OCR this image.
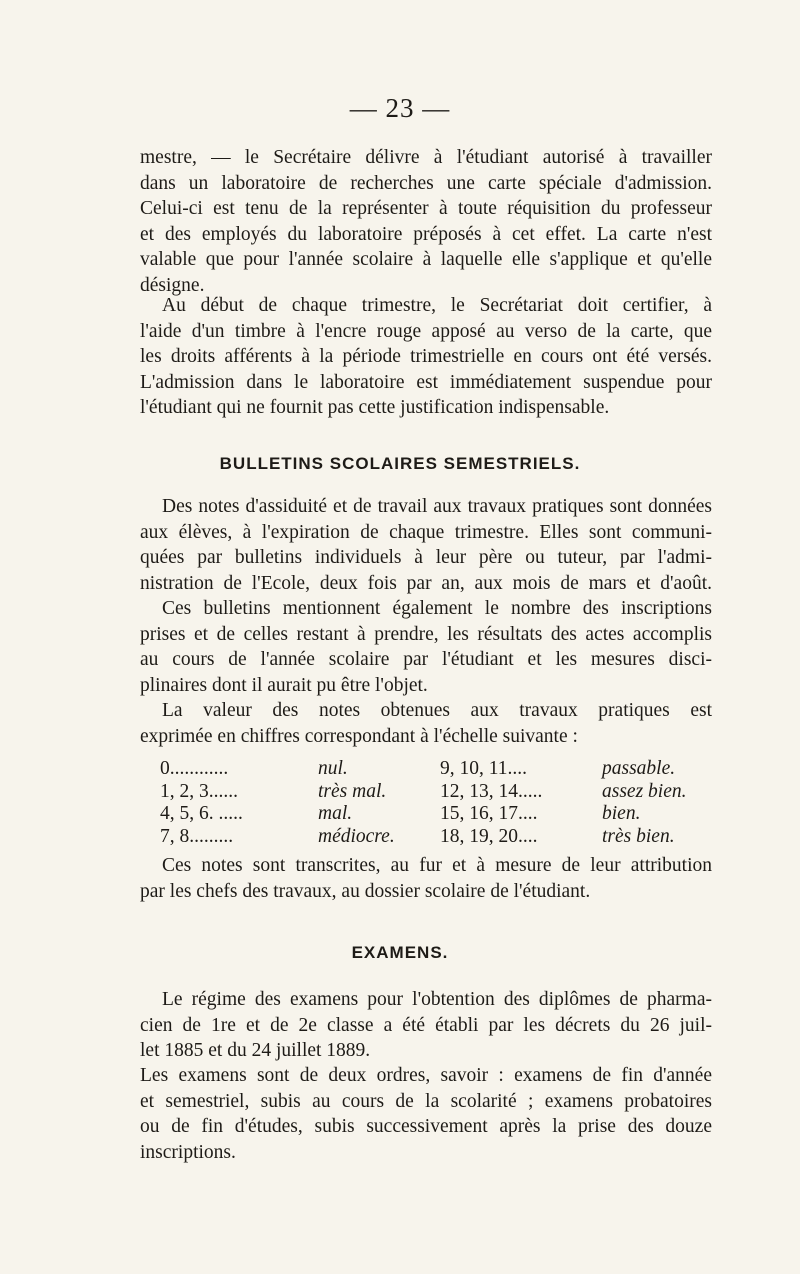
— 23 —
mestre, — le Secrétaire délivre à l'étudiant autorisé à travailler
dans un laboratoire de recherches une carte spéciale d'admission.
Celui-ci est tenu de la représenter à toute réquisition du professeur
et des employés du laboratoire préposés à cet effet. La carte n'est
valable que pour l'année scolaire à laquelle elle s'applique et qu'elle
désigne.
Au début de chaque trimestre, le Secrétariat doit certifier, à
l'aide d'un timbre à l'encre rouge apposé au verso de la carte, que
les droits afférents à la période trimestrielle en cours ont été versés.
L'admission dans le laboratoire est immédiatement suspendue pour
l'étudiant qui ne fournit pas cette justification indispensable.
BULLETINS SCOLAIRES SEMESTRIELS.
Des notes d'assiduité et de travail aux travaux pratiques sont données
aux élèves, à l'expiration de chaque trimestre. Elles sont communi-
quées par bulletins individuels à leur père ou tuteur, par l'admi-
nistration de l'Ecole, deux fois par an, aux mois de mars et d'août.
Ces bulletins mentionnent également le nombre des inscriptions
prises et de celles restant à prendre, les résultats des actes accomplis
au cours de l'année scolaire par l'étudiant et les mesures disci-
plinaires dont il aurait pu être l'objet.
La valeur des notes obtenues aux travaux pratiques est
exprimée en chiffres correspondant à l'échelle suivante :
0............	nul.	9, 10, 11....	passable.
1, 2, 3......	très mal.	12, 13, 14.....	assez bien.
4, 5, 6. .....	mal.	15, 16, 17....	bien.
7, 8.........	médiocre. 18, 19, 20....	très bien.
Ces notes sont transcrites, au fur et à mesure de leur attribution
par les chefs des travaux, au dossier scolaire de l'étudiant.
EXAMENS.
Le régime des examens pour l'obtention des diplômes de pharma-
cien de 1re et de 2e classe a été établi par les décrets du 26 juil-
let 1885 et du 24 juillet 1889.
Les examens sont de deux ordres, savoir : examens de fin d'année
et semestriel, subis au cours de la scolarité ; examens probatoires
ou de fin d'études, subis successivement après la prise des douze
inscriptions.
